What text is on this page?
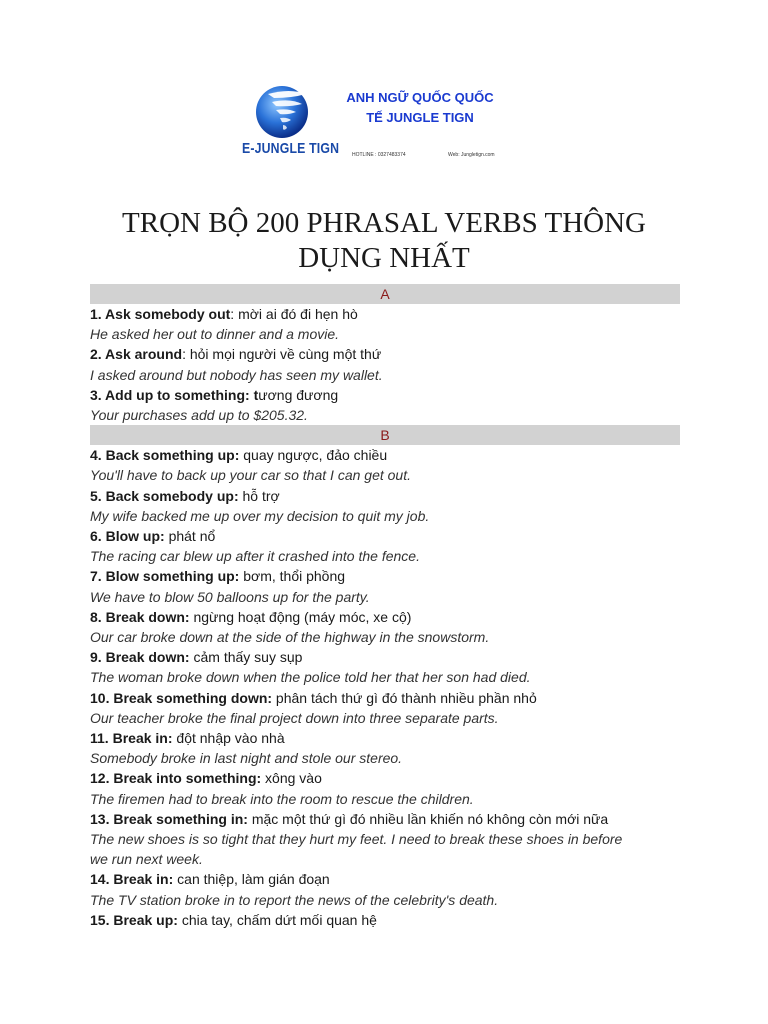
E-JUNGLE TIGN
ANH NGỮ QUỐC QUỐC
TẾ JUNGLE TIGN
HOTLINE : 0327483374	Web: Jungletign.com
TRỌN BỘ 200 PHRASAL VERBS THÔNG
DỤNG NHẤT
A
1. Ask somebody out: mời ai đó đi hẹn hò
He asked her out to dinner and a movie.
2. Ask around: hỏi mọi người về cùng một thứ
I asked around but nobody has seen my wallet.
3. Add up to something: tương đương
Your purchases add up to $205.32.
B
4. Back something up: quay ngược, đảo chiều
You'll have to back up your car so that I can get out.
5. Back somebody up: hỗ trợ
My wife backed me up over my decision to quit my job.
6. Blow up: phát nổ
The racing car blew up after it crashed into the fence.
7. Blow something up: bơm, thổi phồng
We have to blow 50 balloons up for the party.
8. Break down: ngừng hoạt động (máy móc, xe cộ)
Our car broke down at the side of the highway in the snowstorm.
9. Break down: cảm thấy suy sụp
The woman broke down when the police told her that her son had died.
10. Break something down: phân tách thứ gì đó thành nhiều phần nhỏ
Our teacher broke the final project down into three separate parts.
11. Break in: đột nhập vào nhà
Somebody broke in last night and stole our stereo.
12. Break into something: xông vào
The firemen had to break into the room to rescue the children.
13. Break something in: mặc một thứ gì đó nhiều lần khiến nó không còn mới nữa
The new shoes is so tight that they hurt my feet. I need to break these shoes in before
we run next week.
14. Break in: can thiệp, làm gián đoạn
The TV station broke in to report the news of the celebrity's death.
15. Break up: chia tay, chấm dứt mối quan hệ
